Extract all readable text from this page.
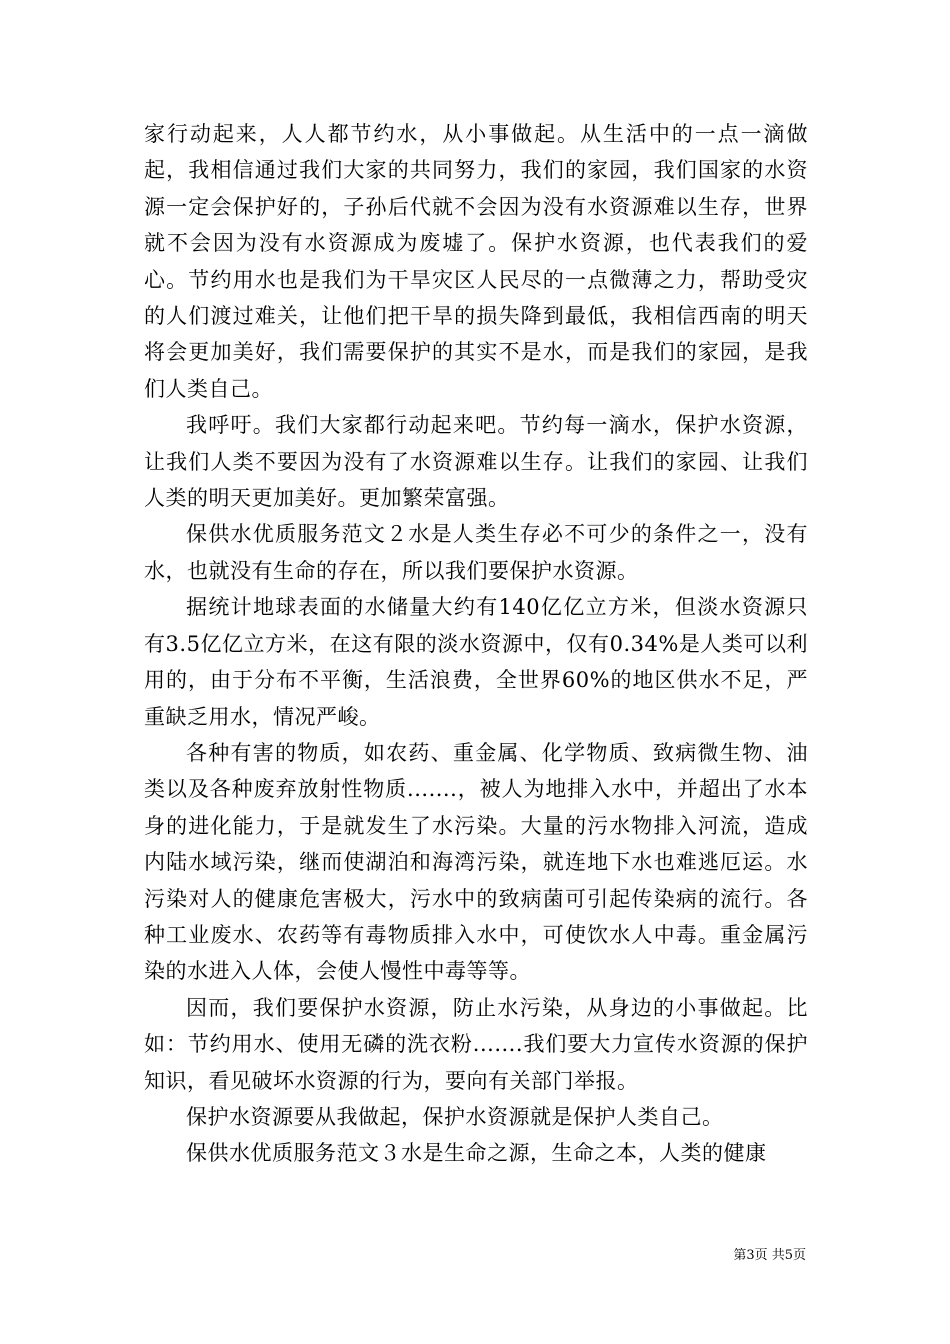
家行动起来，人人都节约水，从小事做起。从生活中的一点一滴做起，我相信通过我们大家的共同努力，我们的家园，我们国家的水资源一定会保护好的，子孙后代就不会因为没有水资源难以生存，世界就不会因为没有水资源成为废墟了。保护水资源，也代表我们的爱心。节约用水也是我们为干旱灾区人民尽的一点微薄之力，帮助受灾的人们渡过难关，让他们把干旱的损失降到最低，我相信西南的明天将会更加美好，我们需要保护的其实不是水，而是我们的家园，是我们人类自己。

我呼吁。我们大家都行动起来吧。节约每一滴水，保护水资源，让我们人类不要因为没有了水资源难以生存。让我们的家园、让我们人类的明天更加美好。更加繁荣富强。

保供水优质服务范文２水是人类生存必不可少的条件之一，没有水，也就没有生命的存在，所以我们要保护水资源。

据统计地球表面的水储量大约有140亿亿立方米，但淡水资源只有3.5亿亿立方米，在这有限的淡水资源中，仅有0.34%是人类可以利用的，由于分布不平衡，生活浪费，全世界60%的地区供水不足，严重缺乏用水，情况严峻。

各种有害的物质，如农药、重金属、化学物质、致病微生物、油类以及各种废弃放射性物质.......，被人为地排入水中，并超出了水本身的进化能力，于是就发生了水污染。大量的污水物排入河流，造成内陆水域污染，继而使湖泊和海湾污染，就连地下水也难逃厄运。水污染对人的健康危害极大，污水中的致病菌可引起传染病的流行。各种工业废水、农药等有毒物质排入水中，可使饮水人中毒。重金属污染的水进入人体，会使人慢性中毒等等。

因而，我们要保护水资源，防止水污染，从身边的小事做起。比如：节约用水、使用无磷的洗衣粉.......我们要大力宣传水资源的保护知识，看见破坏水资源的行为，要向有关部门举报。

保护水资源要从我做起，保护水资源就是保护人类自己。

保供水优质服务范文３水是生命之源，生命之本，人类的健康

第3页 共5页
